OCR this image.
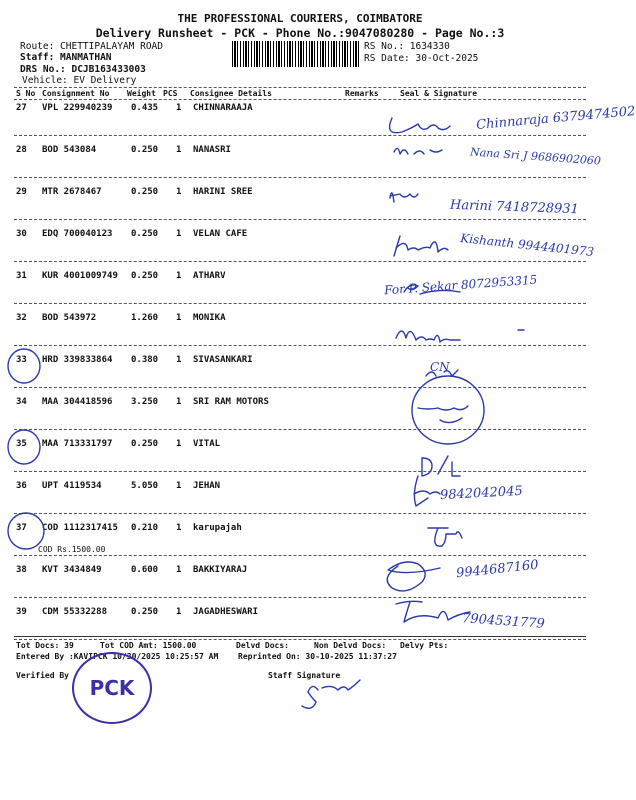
THE PROFESSIONAL COURIERS, COIMBATORE
Delivery Runsheet - PCK - Phone No.:9047080280 - Page No.:3
Route: CHETTIPALAYAM ROAD
Staff: MANMATHAN
DRS No.: DCJB163433003
Vehicle: EV Delivery
RS No.: 1634330
RS Date: 30-Oct-2025
S No Consignment No Weight PCS Consignee Details	Remarks	Seal & Signature
27 VPL 229940239 0.435 1 CHINNARAAJA
28 BOD 543084	0.250 1 NANASRI
29 MTR 2678467	0.250 1 HARINI SREE
30 EDQ 700040123 0.250 1 VELAN CAFE
31 KUR 4001009749 0.250 1 ATHARV
32 BOD 543972	1.260 1 MONIKA
33 HRD 339833864 0.380 1 SIVASANKARI
34 MAA 304418596 3.250 1 SRI RAM MOTORS
35 MAA 713331797 0.250 1 VITAL
36 UPT 4119534	5.050 1 JEHAN
37 COD 1112317415 0.210 1 karupajah
COD Rs.1500.00
38 KVT 3434849	0.600 1 BAKKIYARAJ
39 CDM 55332288	0.250 1 JAGADHESWARI
Chinnaraja 6379474502
Nana Sri J 9686902060
Harini 7418728931
Kishanth 9944401973
For P. Sekar 8072953315
CN
9842042045
9944687160
7904531779
Tot Docs: 39	Tot COD Amt: 1500.00	Delvd Docs:	Non Delvd Docs: Delvy Pts:
Entered By :KAVIPCK 10/30/2025 10:25:57 AM Reprinted On: 30-10-2025 11:37:27
Verified By	Staff Signature
PCK
